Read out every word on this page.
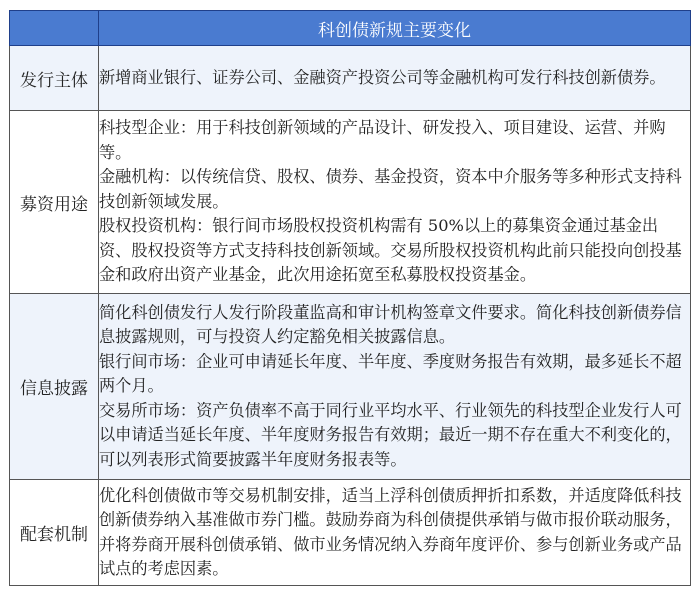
	科创债新规主要变化
发行主体	新增商业银行、证券公司、金融资产投资公司等金融机构可发行科技创新债券。

募资用途	科技型企业：用于科技创新领域的产品设计、研发投入、项目建设、运营、并购等。
金融机构：以传统信贷、股权、债券、基金投资，资本中介服务等多种形式支持科技创新领域发展。
股权投资机构：银行间市场股权投资机构需有 50%以上的募集资金通过基金出资、股权投资等方式支持科技创新领域。交易所股权投资机构此前只能投向创投基金和政府出资产业基金，此次用途拓宽至私募股权投资基金。

信息披露	简化科创债发行人发行阶段董监高和审计机构签章文件要求。简化科技创新债券信息披露规则，可与投资人约定豁免相关披露信息。
银行间市场：企业可申请延长年度、半年度、季度财务报告有效期，最多延长不超两个月。
交易所市场：资产负债率不高于同行业平均水平、行业领先的科技型企业发行人可以申请适当延长年度、半年度财务报告有效期；最近一期不存在重大不利变化的，可以列表形式简要披露半年度财务报表等。

配套机制	优化科创债做市等交易机制安排，适当上浮科创债质押折扣系数，并适度降低科技创新债券纳入基准做市券门槛。鼓励券商为科创债提供承销与做市报价联动服务，并将券商开展科创债承销、做市业务情况纳入券商年度评价、参与创新业务或产品试点的考虑因素。
